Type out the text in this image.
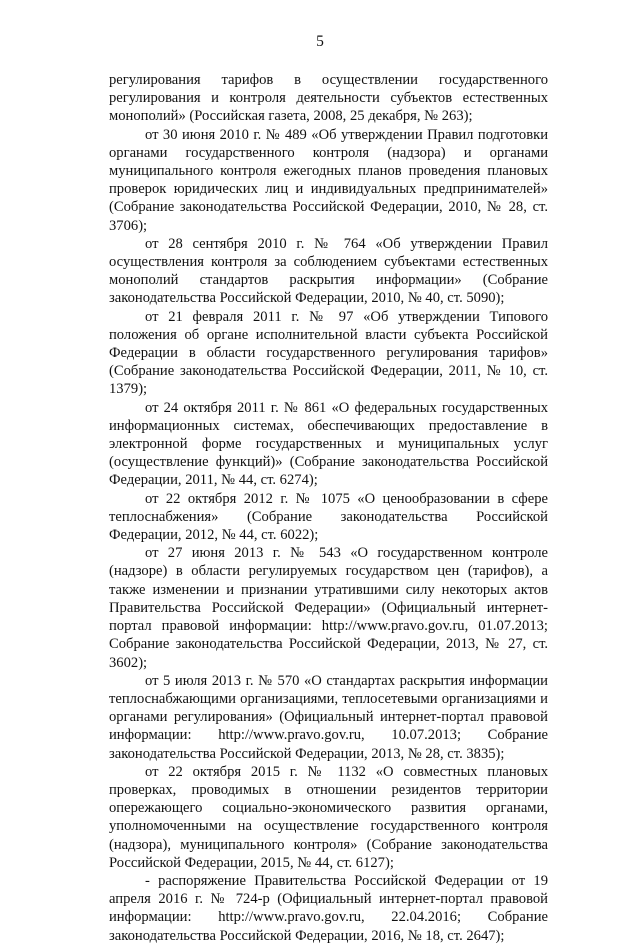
5

регулирования тарифов в осуществлении государственного регулирования и контроля деятельности субъектов естественных монополий» (Российская газета, 2008, 25 декабря, № 263);

от 30 июня 2010 г. № 489 «Об утверждении Правил подготовки органами государственного контроля (надзора) и органами муниципального контроля ежегодных планов проведения плановых проверок юридических лиц и индивидуальных предпринимателей» (Собрание законодательства Российской Федерации, 2010, № 28, ст. 3706);

от 28 сентября 2010 г. № 764 «Об утверждении Правил осуществления контроля за соблюдением субъектами естественных монополий стандартов раскрытия информации» (Собрание законодательства Российской Федерации, 2010, № 40, ст. 5090);

от 21 февраля 2011 г. № 97 «Об утверждении Типового положения об органе исполнительной власти субъекта Российской Федерации в области государственного регулирования тарифов» (Собрание законодательства Российской Федерации, 2011, № 10, ст. 1379);

от 24 октября 2011 г. № 861 «О федеральных государственных информационных системах, обеспечивающих предоставление в электронной форме государственных и муниципальных услуг (осуществление функций)» (Собрание законодательства Российской Федерации, 2011, № 44, ст. 6274);

от 22 октября 2012 г. № 1075 «О ценообразовании в сфере теплоснабжения» (Собрание законодательства Российской Федерации, 2012, № 44, ст. 6022);

от 27 июня 2013 г. № 543 «О государственном контроле (надзоре) в области регулируемых государством цен (тарифов), а также изменении и признании утратившими силу некоторых актов Правительства Российской Федерации» (Официальный интернет-портал правовой информации: http://www.pravo.gov.ru, 01.07.2013; Собрание законодательства Российской Федерации, 2013, № 27, ст. 3602);

от 5 июля 2013 г. № 570 «О стандартах раскрытия информации теплоснабжающими организациями, теплосетевыми организациями и органами регулирования» (Официальный интернет-портал правовой информации: http://www.pravo.gov.ru, 10.07.2013; Собрание законодательства Российской Федерации, 2013, № 28, ст. 3835);

от 22 октября 2015 г. № 1132 «О совместных плановых проверках, проводимых в отношении резидентов территории опережающего социально-экономического развития органами, уполномоченными на осуществление государственного контроля (надзора), муниципального контроля» (Собрание законодательства Российской Федерации, 2015, № 44, ст. 6127);

- распоряжение Правительства Российской Федерации от 19 апреля 2016 г. № 724-р (Официальный интернет-портал правовой информации: http://www.pravo.gov.ru, 22.04.2016; Собрание законодательства Российской Федерации, 2016, № 18, ст. 2647);
